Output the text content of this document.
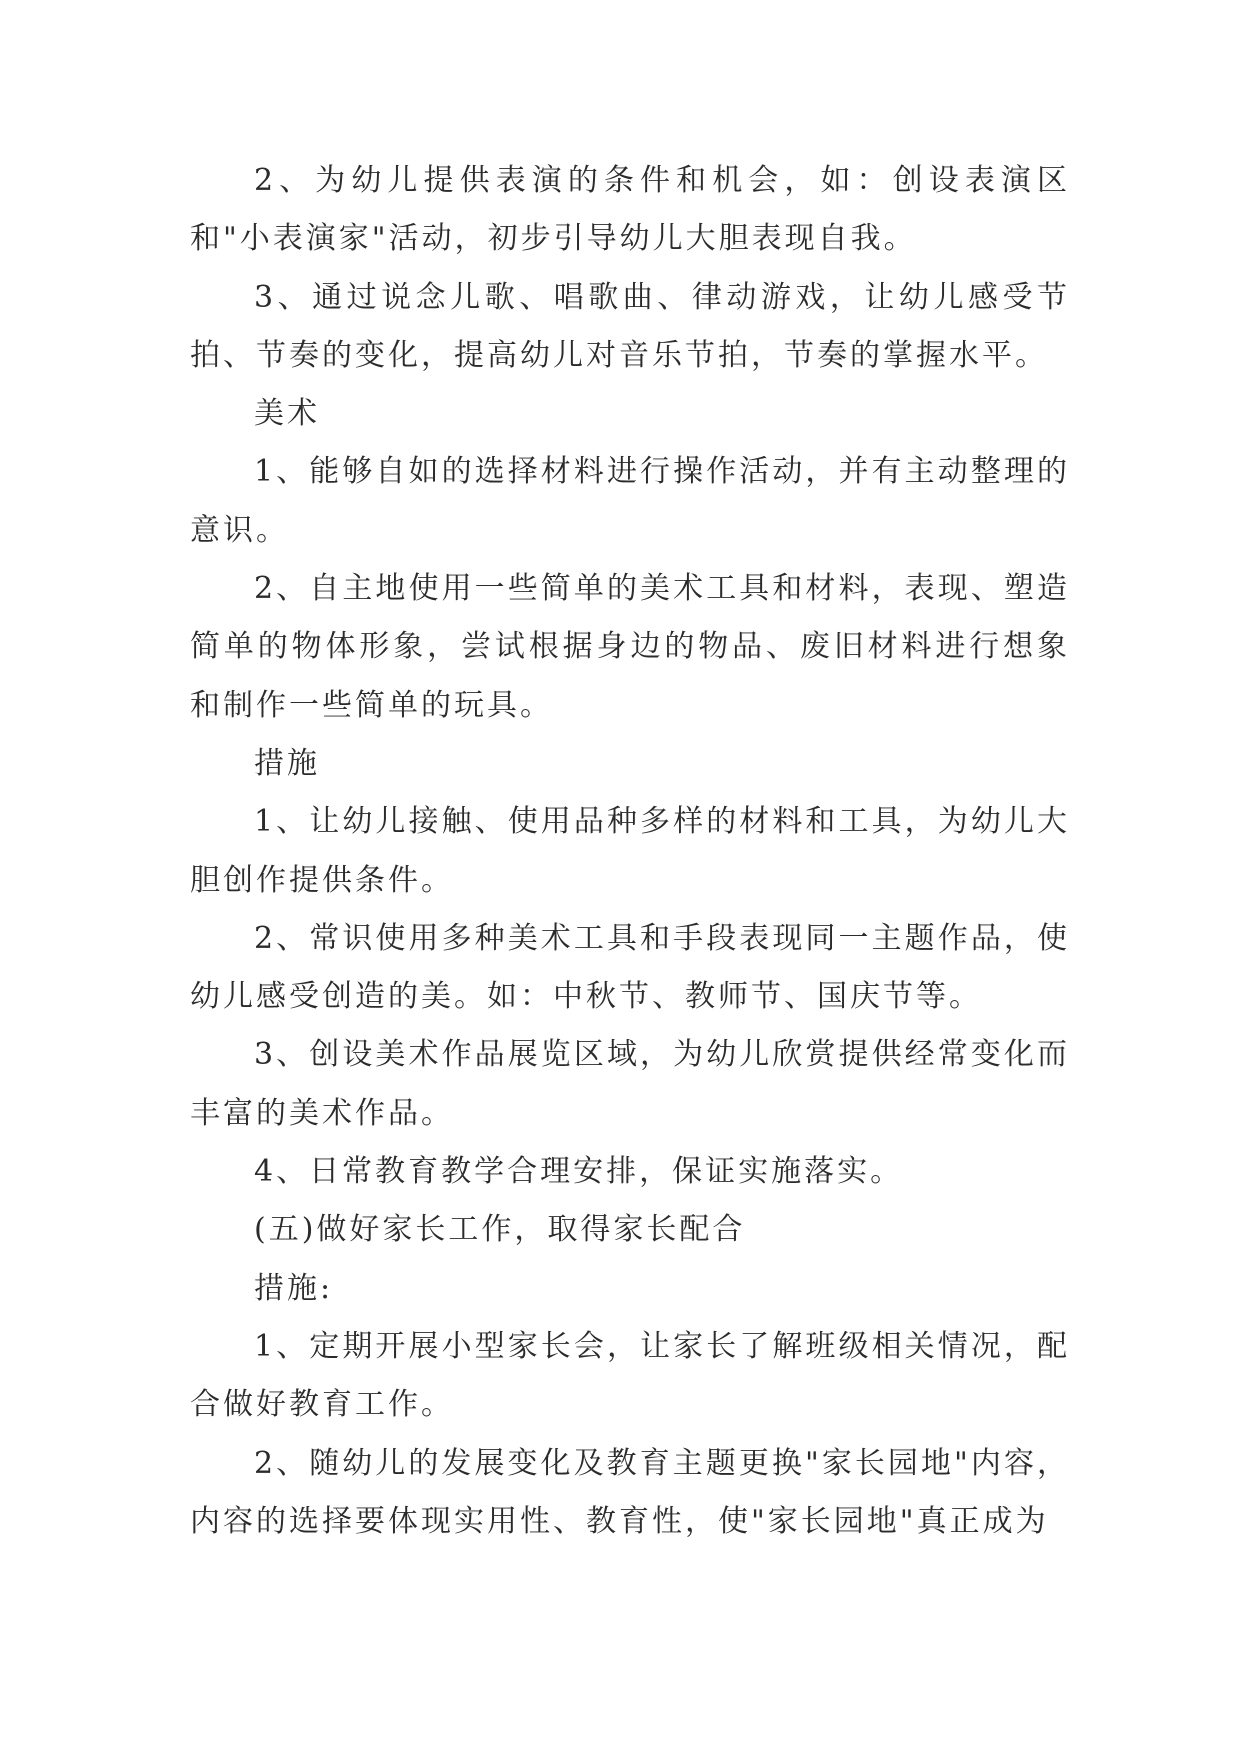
2、为幼儿提供表演的条件和机会，如：创设表演区和"小表演家"活动，初步引导幼儿大胆表现自我。

3、通过说念儿歌、唱歌曲、律动游戏，让幼儿感受节拍、节奏的变化，提高幼儿对音乐节拍，节奏的掌握水平。

美术

1、能够自如的选择材料进行操作活动，并有主动整理的意识。

2、自主地使用一些简单的美术工具和材料，表现、塑造简单的物体形象，尝试根据身边的物品、废旧材料进行想象和制作一些简单的玩具。

措施

1、让幼儿接触、使用品种多样的材料和工具，为幼儿大胆创作提供条件。

2、常识使用多种美术工具和手段表现同一主题作品，使幼儿感受创造的美。如：中秋节、教师节、国庆节等。

3、创设美术作品展览区域，为幼儿欣赏提供经常变化而丰富的美术作品。

4、日常教育教学合理安排，保证实施落实。

(五)做好家长工作，取得家长配合

措施:

1、定期开展小型家长会，让家长了解班级相关情况，配合做好教育工作。

2、随幼儿的发展变化及教育主题更换"家长园地"内容，内容的选择要体现实用性、教育性，使"家长园地"真正成为
